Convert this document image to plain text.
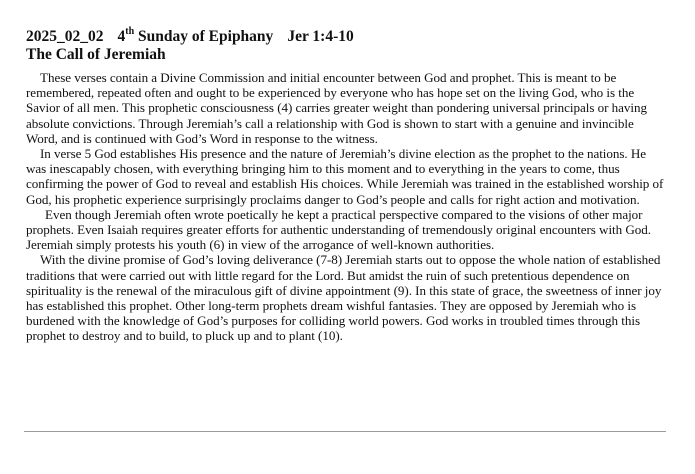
2025_02_02 4th Sunday of Epiphany Jer 1:4-10
The Call of Jeremiah

These verses contain a Divine Commission and initial encounter between God and prophet. This is meant to be remembered, repeated often and ought to be experienced by everyone who has hope set on the living God, who is the Savior of all men. This prophetic consciousness (4) carries greater weight than pondering universal principals or having absolute convictions. Through Jeremiah’s call a relationship with God is shown to start with a genuine and invincible Word, and is continued with God’s Word in response to the witness.

In verse 5 God establishes His presence and the nature of Jeremiah’s divine election as the prophet to the nations. He was inescapably chosen, with everything bringing him to this moment and to everything in the years to come, thus confirming the power of God to reveal and establish His choices. While Jeremiah was trained in the established worship of God, his prophetic experience surprisingly proclaims danger to God’s people and calls for right action and motivation.

Even though Jeremiah often wrote poetically he kept a practical perspective compared to the visions of other major prophets. Even Isaiah requires greater efforts for authentic understanding of tremendously original encounters with God. Jeremiah simply protests his youth (6) in view of the arrogance of well-known authorities.

With the divine promise of God’s loving deliverance (7-8) Jeremiah starts out to oppose the whole nation of established traditions that were carried out with little regard for the Lord. But amidst the ruin of such pretentious dependence on spirituality is the renewal of the miraculous gift of divine appointment (9). In this state of grace, the sweetness of inner joy has established this prophet. Other long-term prophets dream wishful fantasies. They are opposed by Jeremiah who is burdened with the knowledge of God’s purposes for colliding world powers. God works in troubled times through this prophet to destroy and to build, to pluck up and to plant (10).
